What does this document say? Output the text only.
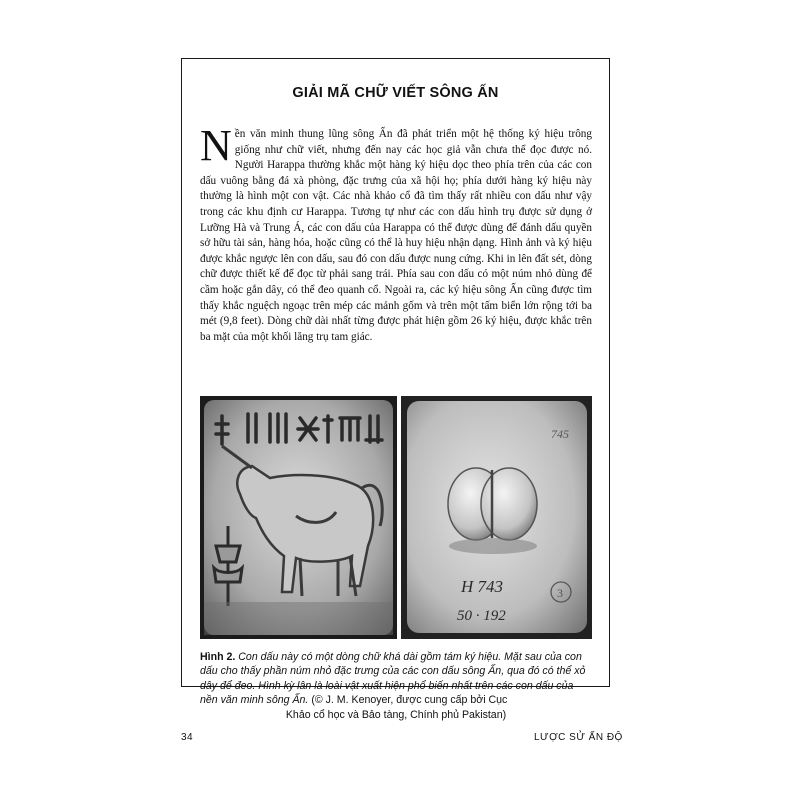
GIẢI MÃ CHỮ VIẾT SÔNG ẤN
Nền văn minh thung lũng sông Ấn đã phát triển một hệ thống ký hiệu trông giống như chữ viết, nhưng đến nay các học giả vẫn chưa thể đọc được nó. Người Harappa thường khắc một hàng ký hiệu dọc theo phía trên của các con dấu vuông bằng đá xà phòng, đặc trưng của xã hội họ; phía dưới hàng ký hiệu này thường là hình một con vật. Các nhà khảo cổ đã tìm thấy rất nhiều con dấu như vậy trong các khu định cư Harappa. Tương tự như các con dấu hình trụ được sử dụng ở Lưỡng Hà và Trung Á, các con dấu của Harappa có thể được dùng để đánh dấu quyền sở hữu tài sản, hàng hóa, hoặc cũng có thể là huy hiệu nhận dạng. Hình ảnh và ký hiệu được khắc ngược lên con dấu, sau đó con dấu được nung cứng. Khi in lên đất sét, dòng chữ được thiết kế để đọc từ phải sang trái. Phía sau con dấu có một núm nhỏ dùng để cầm hoặc gắn dây, có thể đeo quanh cổ. Ngoài ra, các ký hiệu sông Ấn cũng được tìm thấy khắc nguệch ngoạc trên mép các mảnh gốm và trên một tấm biển lớn rộng tới ba mét (9,8 feet). Dòng chữ dài nhất từng được phát hiện gồm 26 ký hiệu, được khắc trên ba mặt của một khối lăng trụ tam giác.
745
H 743
50 · 192
3
Hình 2. Con dấu này có một dòng chữ khá dài gồm tám ký hiệu. Mặt sau của con dấu cho thấy phần núm nhỏ đặc trưng của các con dấu sông Ấn, qua đó có thể xỏ dây để đeo. Hình kỳ lân là loài vật xuất hiện phổ biến nhất trên các con dấu của nền văn minh sông Ấn. (© J. M. Kenoyer, được cung cấp bởi Cục
Khảo cổ học và Bảo tàng, Chính phủ Pakistan)
34	LƯỢC SỬ ẤN ĐỘ
